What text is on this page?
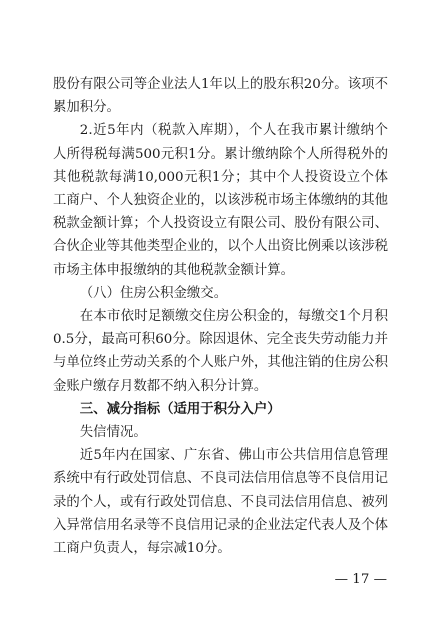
股份有限公司等企业法人1年以上的股东积20分。该项不累加积分。

2.近5年内（税款入库期），个人在我市累计缴纳个人所得税每满500元积1分。累计缴纳除个人所得税外的其他税款每满10,000元积1分；其中个人投资设立个体工商户、个人独资企业的，以该涉税市场主体缴纳的其他税款金额计算；个人投资设立有限公司、股份有限公司、合伙企业等其他类型企业的，以个人出资比例乘以该涉税市场主体申报缴纳的其他税款金额计算。

（八）住房公积金缴交。

在本市依时足额缴交住房公积金的，每缴交1个月积0.5分，最高可积60分。除因退休、完全丧失劳动能力并与单位终止劳动关系的个人账户外，其他注销的住房公积金账户缴存月数都不纳入积分计算。

三、减分指标（适用于积分入户）

失信情况。

近5年内在国家、广东省、佛山市公共信用信息管理系统中有行政处罚信息、不良司法信用信息等不良信用记录的个人，或有行政处罚信息、不良司法信用信息、被列入异常信用名录等不良信用记录的企业法定代表人及个体工商户负责人，每宗减10分。

— 17 —
